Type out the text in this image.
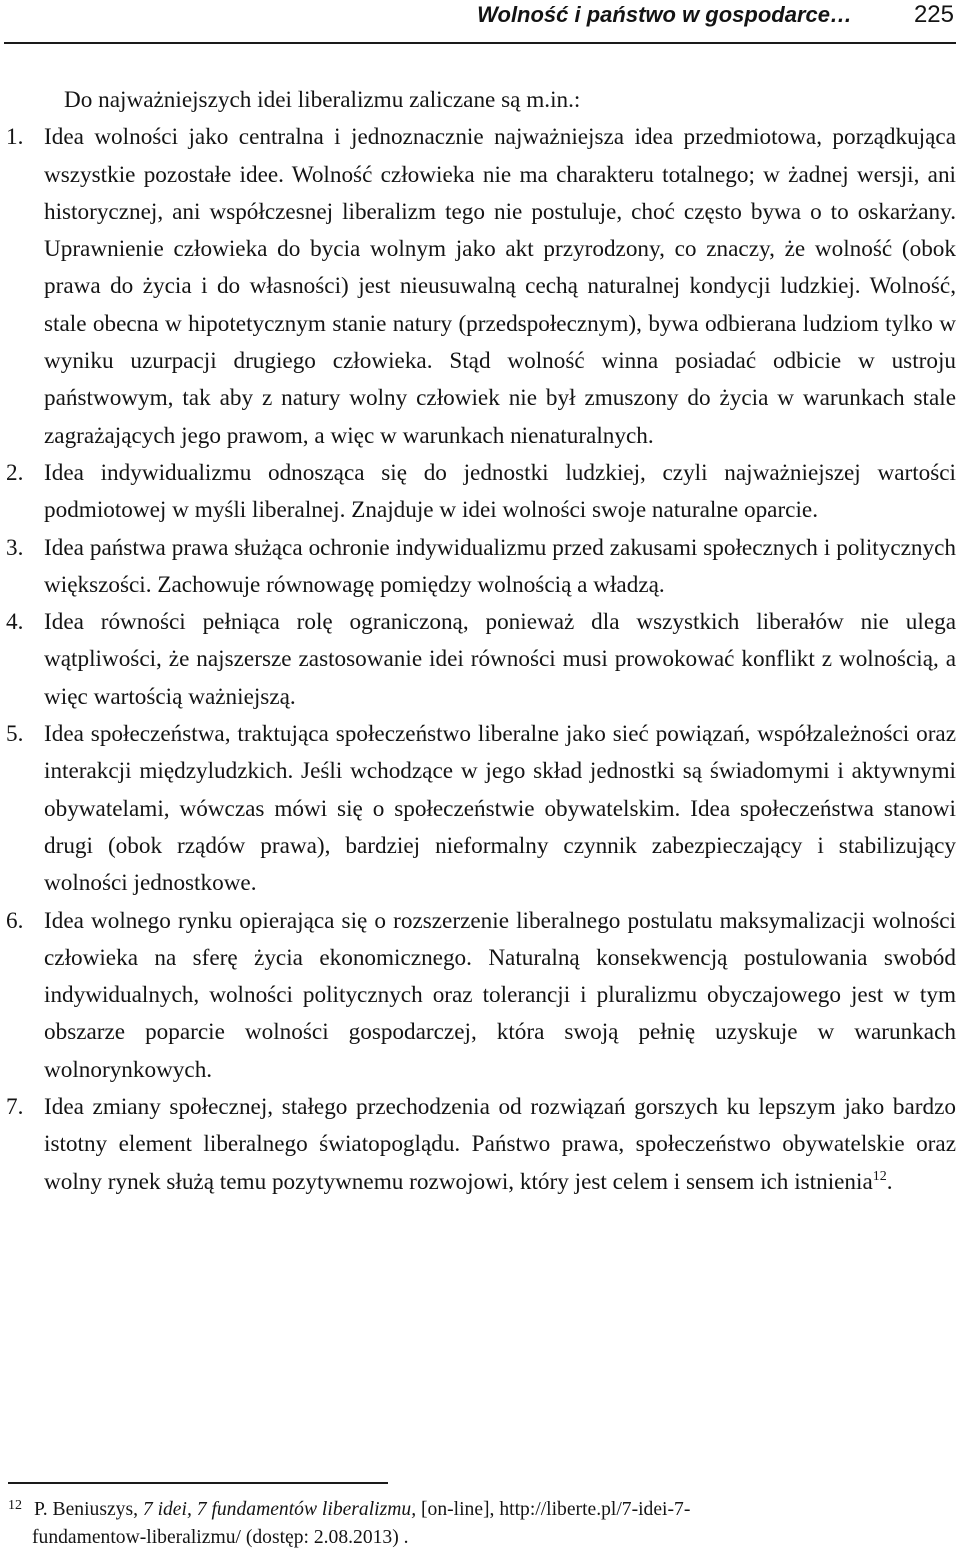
Wolność i państwo w gospodarce…	225

Do najważniejszych idei liberalizmu zaliczane są m.in.:

1. Idea wolności jako centralna i jednoznacznie najważniejsza idea przedmiotowa, porządkująca wszystkie pozostałe idee. Wolność człowieka nie ma charakteru totalnego; w żadnej wersji, ani historycznej, ani współczesnej liberalizm tego nie postuluje, choć często bywa o to oskarżany. Uprawnienie człowieka do bycia wolnym jako akt przyrodzony, co znaczy, że wolność (obok prawa do życia i do własności) jest nieusuwalną cechą naturalnej kondycji ludzkiej. Wolność, stale obecna w hipotetycznym stanie natury (przedspołecznym), bywa odbierana ludziom tylko w wyniku uzurpacji drugiego człowieka. Stąd wolność winna posiadać odbicie w ustroju państwowym, tak aby z natury wolny człowiek nie był zmuszony do życia w warunkach stale zagrażających jego prawom, a więc w warunkach nienaturalnych.
2. Idea indywidualizmu odnosząca się do jednostki ludzkiej, czyli najważniejszej wartości podmiotowej w myśli liberalnej. Znajduje w idei wolności swoje naturalne oparcie.
3. Idea państwa prawa służąca ochronie indywidualizmu przed zakusami społecznych i politycznych większości. Zachowuje równowagę pomiędzy wolnością a władzą.
4. Idea równości pełniąca rolę ograniczoną, ponieważ dla wszystkich liberałów nie ulega wątpliwości, że najszersze zastosowanie idei równości musi prowokować konflikt z wolnością, a więc wartością ważniejszą.
5. Idea społeczeństwa, traktująca społeczeństwo liberalne jako sieć powiązań, współzależności oraz interakcji międzyludzkich. Jeśli wchodzące w jego skład jednostki są świadomymi i aktywnymi obywatelami, wówczas mówi się o społeczeństwie obywatelskim. Idea społeczeństwa stanowi drugi (obok rządów prawa), bardziej nieformalny czynnik zabezpieczający i stabilizujący wolności jednostkowe.
6. Idea wolnego rynku opierająca się o rozszerzenie liberalnego postulatu maksymalizacji wolności człowieka na sferę życia ekonomicznego. Naturalną konsekwencją postulowania swobód indywidualnych, wolności politycznych oraz tolerancji i pluralizmu obyczajowego jest w tym obszarze poparcie wolności gospodarczej, która swoją pełnię uzyskuje w warunkach wolnorynkowych.
7. Idea zmiany społecznej, stałego przechodzenia od rozwiązań gorszych ku lepszym jako bardzo istotny element liberalnego światopoglądu. Państwo prawa, społeczeństwo obywatelskie oraz wolny rynek służą temu pozytywnemu rozwojowi, który jest celem i sensem ich istnienia$^{12}$.
12 P. Beniuszys, 7 idei, 7 fundamentów liberalizmu, [on-line], http://liberte.pl/7-idei-7-
fundamentow-liberalizmu/ (dostęp: 2.08.2013) .
